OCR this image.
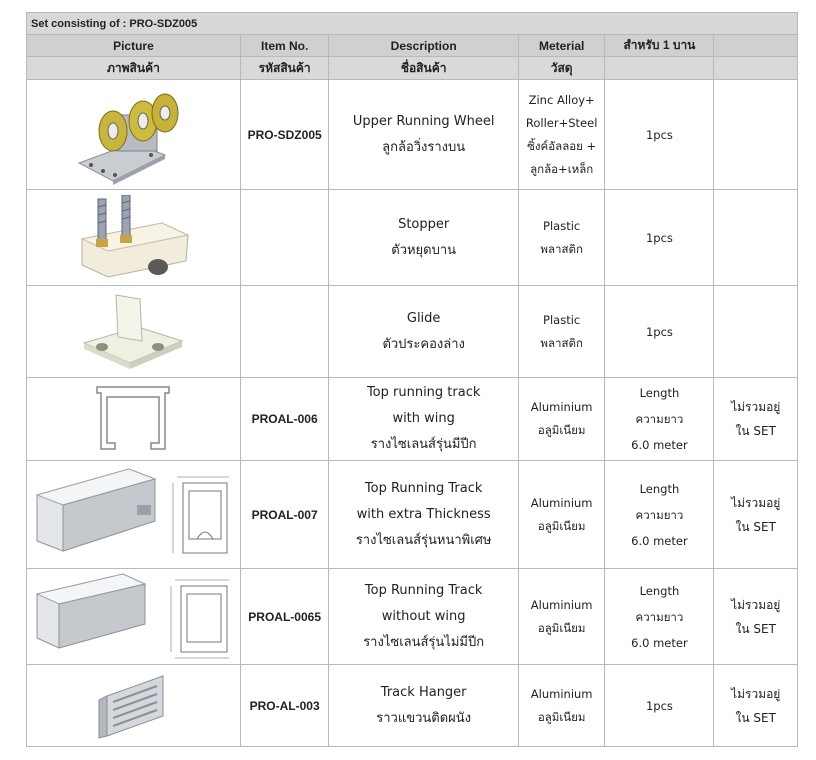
Set consisting of : PRO-SDZ005					
Picture	Item No.	Description	Meterial	สำหรับ 1 บาน	
ภาพสินค้า	รหัสสินค้า	ชื่อสินค้า	วัสดุ		

	PRO-SDZ005	Upper Running Wheel
ลูกล้อวิ่งรางบน	Zinc Alloy+
Roller+Steel
ซิ้งค์อัลลอย +
ลูกล้อ+เหล็ก	1pcs	

Stopper
ตัวหยุดบาน	Plastic
พลาสติก	1pcs	

Glide
ตัวประคองล่าง	Plastic
พลาสติก	1pcs	

	PROAL-006	Top running track
with wing
รางไซเลนส์รุ่นมีปีก	Aluminium
อลูมิเนียม	Length
ความยาว
6.0 meter	ไม่รวมอยู่
ใน SET

	PROAL-007	Top Running Track
with extra Thickness
รางไซเลนส์รุ่นหนาพิเศษ	Aluminium
อลูมิเนียม	Length
ความยาว
6.0 meter	ไม่รวมอยู่
ใน SET

	PROAL-0065	Top Running Track
without wing
รางไซเลนส์รุ่นไม่มีปีก	Aluminium
อลูมิเนียม	Length
ความยาว
6.0 meter	ไม่รวมอยู่
ใน SET

	PRO-AL-003	Track Hanger
ราวแขวนติดผนัง	Aluminium
อลูมิเนียม	1pcs	ไม่รวมอยู่
ใน SET
